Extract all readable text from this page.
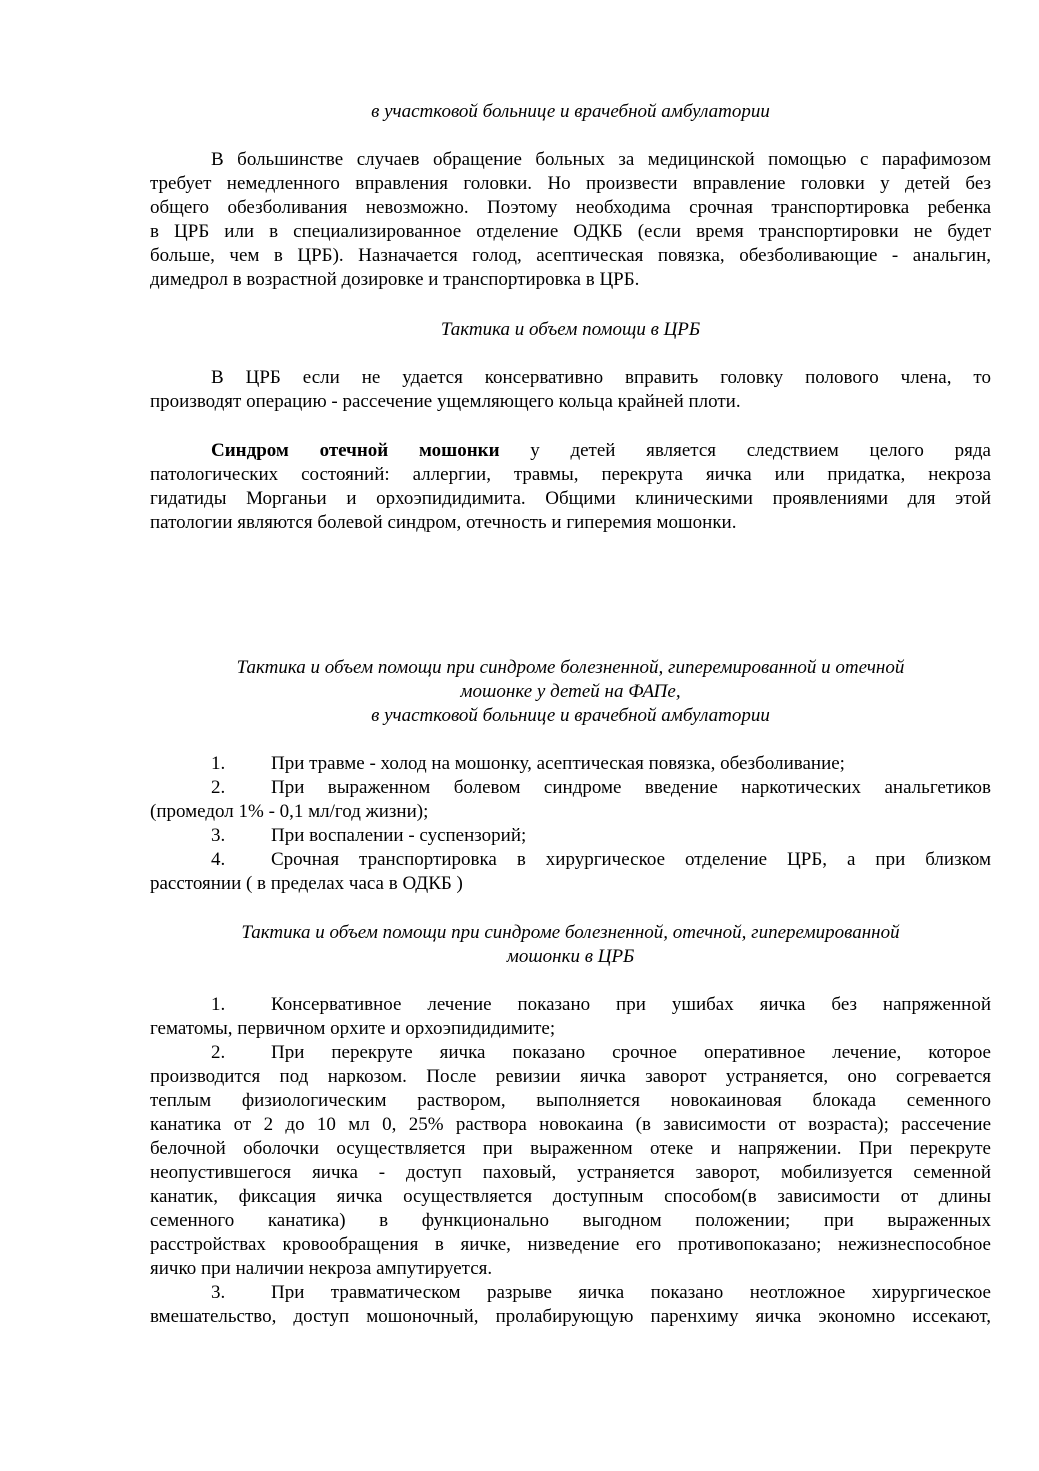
в участковой больнице и врачебной амбулатории

В большинстве случаев обращение больных за медицинской помощью с парафимозом

требует немедленного вправления головки. Но произвести вправление головки у детей без

общего обезболивания невозможно. Поэтому необходима срочная транспортировка ребенка

в ЦРБ или в специализированное отделение ОДКБ (если время транспортировки не будет

больше, чем в ЦРБ). Назначается голод, асептическая повязка, обезболивающие - анальгин,

димедрол в возрастной дозировке и транспортировка в ЦРБ.

Тактика и объем помощи в ЦРБ

В ЦРБ если не удается консервативно вправить головку полового члена, то

производят операцию - рассечение ущемляющего кольца крайней плоти.

Синдром отечной мошонки у детей является следствием целого ряда

патологических состояний: аллергии, травмы, перекрута яичка или придатка, некроза

гидатиды Морганьи и орхоэпидидимита. Общими клиническими проявлениями для этой

патологии являются болевой синдром, отечность и гиперемия мошонки.

Тактика и объем помощи при синдроме болезненной, гиперемированной и отечной

мошонке у детей на ФАПе,

в участковой больнице и врачебной амбулатории

1. При травме - холод на мошонку, асептическая повязка, обезболивание;

2. При выраженном болевом синдроме введение наркотических анальгетиков

(промедол 1% - 0,1 мл/год жизни);

3. При воспалении - суспензорий;

4. Срочная транспортировка в хирургическое отделение ЦРБ, а при близком

расстоянии ( в пределах часа в ОДКБ )

Тактика и объем помощи при синдроме болезненной, отечной, гиперемированной

мошонки в ЦРБ

1. Консервативное лечение показано при ушибах яичка без напряженной

гематомы, первичном орхите и орхоэпидидимите;

2. При перекруте яичка показано срочное оперативное лечение, которое

производится под наркозом. После ревизии яичка заворот устраняется, оно согревается

теплым физиологическим раствором, выполняется новокаиновая блокада семенного

канатика от 2 до 10 мл 0, 25% раствора новокаина (в зависимости от возраста); рассечение

белочной оболочки осуществляется при выраженном отеке и напряжении. При перекруте

неопустившегося яичка - доступ паховый, устраняется заворот, мобилизуется семенной

канатик, фиксация яичка осуществляется доступным способом(в зависимости от длины

семенного канатика) в функционально выгодном положении; при выраженных

расстройствах кровообращения в яичке, низведение его противопоказано; нежизнеспособное

яичко при наличии некроза ампутируется.

3. При травматическом разрыве яичка показано неотложное хирургическое

вмешательство, доступ мошоночный, пролабирующую паренхиму яичка экономно иссекают,
